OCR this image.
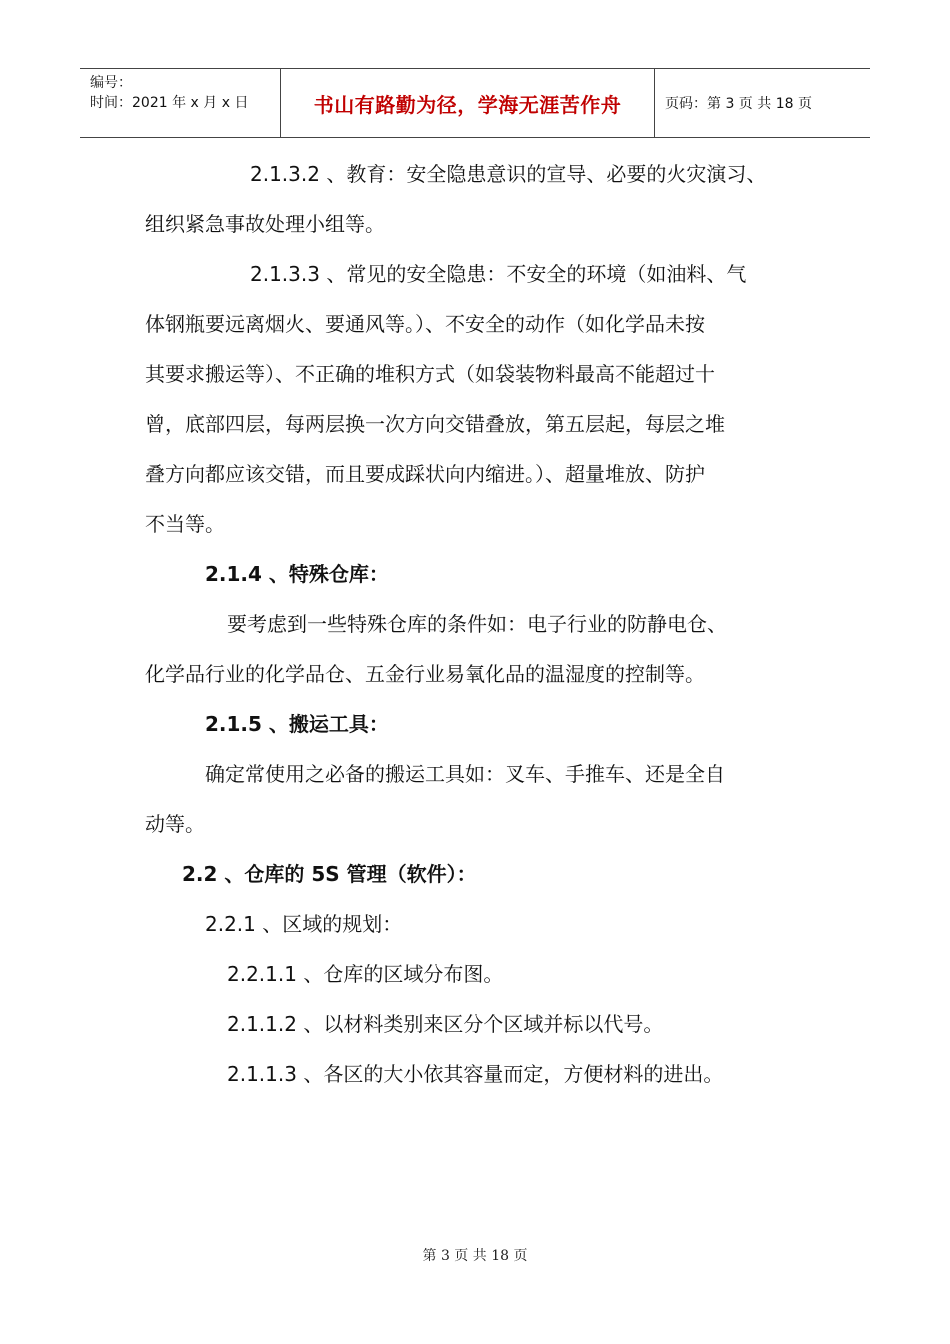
编号：
时间：2021 年 x 月 x 日	书山有路勤为径，学海无涯苦作舟	页码：第 3 页 共 18 页
2.1.3.2 、教育：安全隐患意识的宣导、必要的火灾演习、
组织紧急事故处理小组等。
2.1.3.3 、常见的安全隐患：不安全的环境（如油料、气
体钢瓶要远离烟火、要通风等。）、不安全的动作（如化学品未按
其要求搬运等）、不正确的堆积方式（如袋装物料最高不能超过十
曾，底部四层，每两层换一次方向交错叠放，第五层起，每层之堆
叠方向都应该交错，而且要成踩状向内缩进。）、超量堆放、防护
不当等。
2.1.4 、特殊仓库：
要考虑到一些特殊仓库的条件如：电子行业的防静电仓、
化学品行业的化学品仓、五金行业易氧化品的温湿度的控制等。
2.1.5 、搬运工具：
确定常使用之必备的搬运工具如：叉车、手推车、还是全自
动等。
2.2 、仓库的 5S 管理（软件）：
2.2.1 、区域的规划：
2.2.1.1 、仓库的区域分布图。
2.1.1.2 、以材料类别来区分个区域并标以代号。
2.1.1.3 、各区的大小依其容量而定，方便材料的进出。
第 3 页 共 18 页
